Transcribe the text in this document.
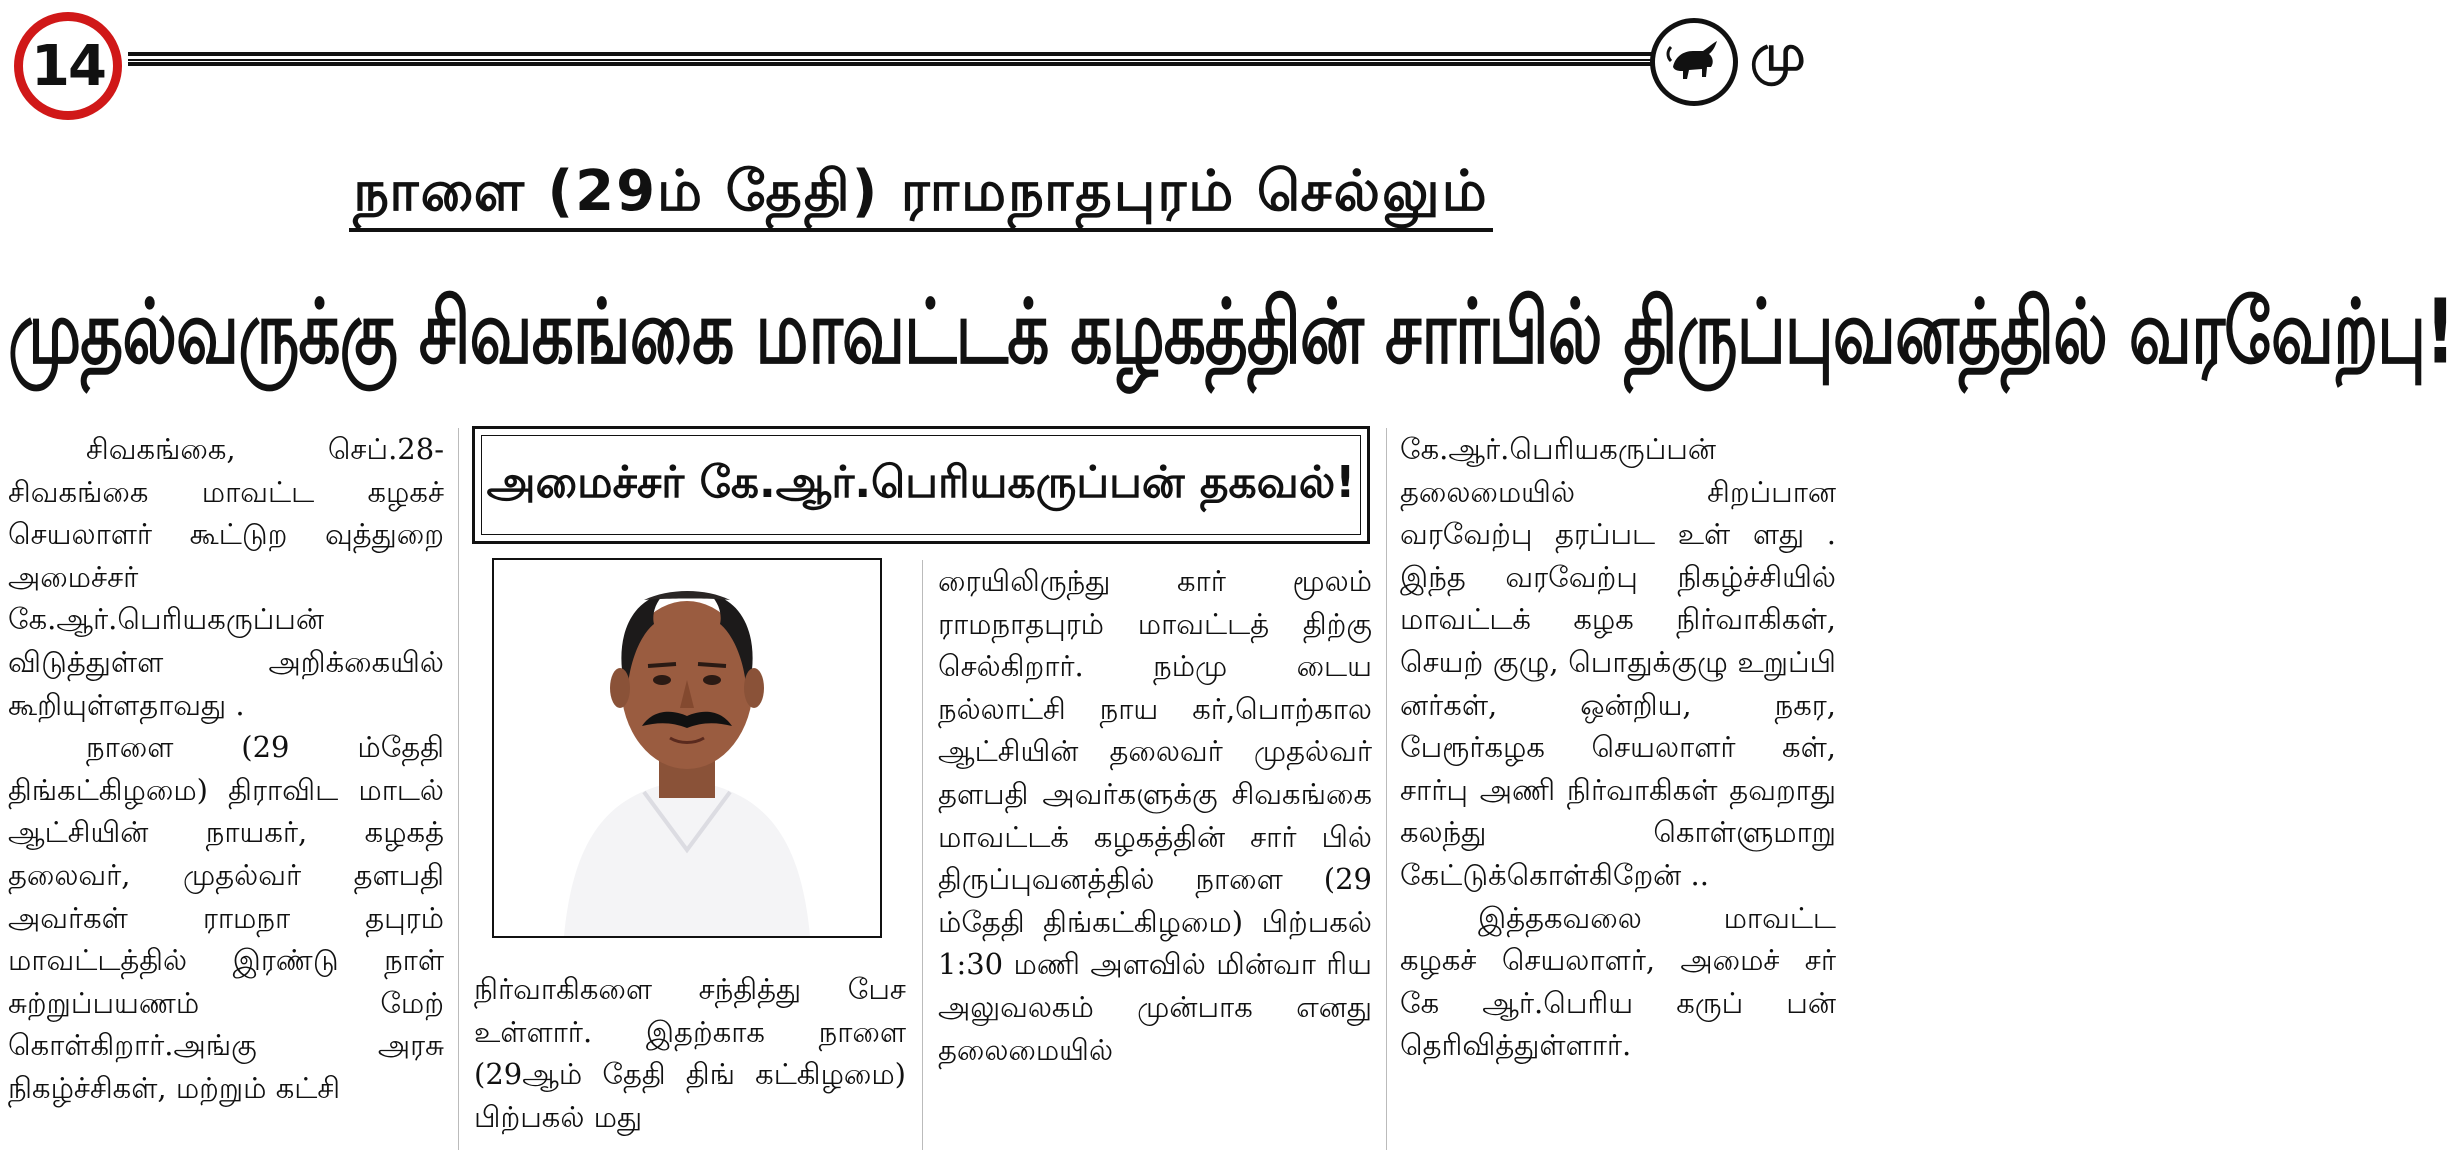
14	மு
நாளை (29ம் தேதி) ராமநாதபுரம் செல்லும்
முதல்வருக்கு சிவகங்கை மாவட்டக் கழகத்தின் சார்பில் திருப்புவனத்தில் வரவேற்பு!
அமைச்சர் கே.ஆர்.பெரியகருப்பன் தகவல்!

சிவகங்கை, செப்.28- சிவகங்கை மாவட்ட கழகச் செயலாளர் கூட்டுற வுத்துறை அமைச்சர் கே.ஆர்.பெரியகருப்பன் விடுத்துள்ள அறிக்கையில் கூறியுள்ளதாவது .

நாளை (29 ம்தேதி திங்கட்கிழமை) திராவிட மாடல் ஆட்சியின் நாயகர், கழகத் தலைவர், முதல்வர் தளபதி அவர்கள் ராமநா தபுரம் மாவட்டத்தில் இரண்டு நாள் சுற்றுப்பயணம் மேற் கொள்கிறார்.அங்கு அரசு நிகழ்ச்சிகள், மற்றும் கட்சி

நிர்வாகிகளை சந்தித்து பேச உள்ளார். இதற்காக நாளை (29ஆம் தேதி திங் கட்கிழமை) பிற்பகல் மது

ரையிலிருந்து கார் மூலம் ராமநாதபுரம் மாவட்டத் திற்கு செல்கிறார். நம்மு டைய நல்லாட்சி நாய கர்,பொற்கால ஆட்சியின் தலைவர் முதல்வர் தளபதி அவர்களுக்கு சிவகங்கை மாவட்டக் கழகத்தின் சார் பில் திருப்புவனத்தில் நாளை (29 ம்தேதி திங்கட்கிழமை) பிற்பகல் 1:30 மணி அளவில் மின்வா ரிய அலுவலகம் முன்பாக எனது தலைமையில்

கே.ஆர்.பெரியகருப்பன் தலைமையில் சிறப்பான வரவேற்பு தரப்பட உள் ளது . இந்த வரவேற்பு நிகழ்ச்சியில் மாவட்டக் கழக நிர்வாகிகள், செயற் குழு, பொதுக்குழு உறுப்பி னர்கள், ஒன்றிய, நகர, பேரூர்கழக செயலாளர் கள், சார்பு அணி நிர்வாகிகள் தவறாது கலந்து கொள்ளுமாறு கேட்டுக்கொள்கிறேன் ..

இத்தகவலை மாவட்ட கழகச் செயலாளர், அமைச் சர் கே ஆர்.பெரிய கருப் பன் தெரிவித்துள்ளார்.
